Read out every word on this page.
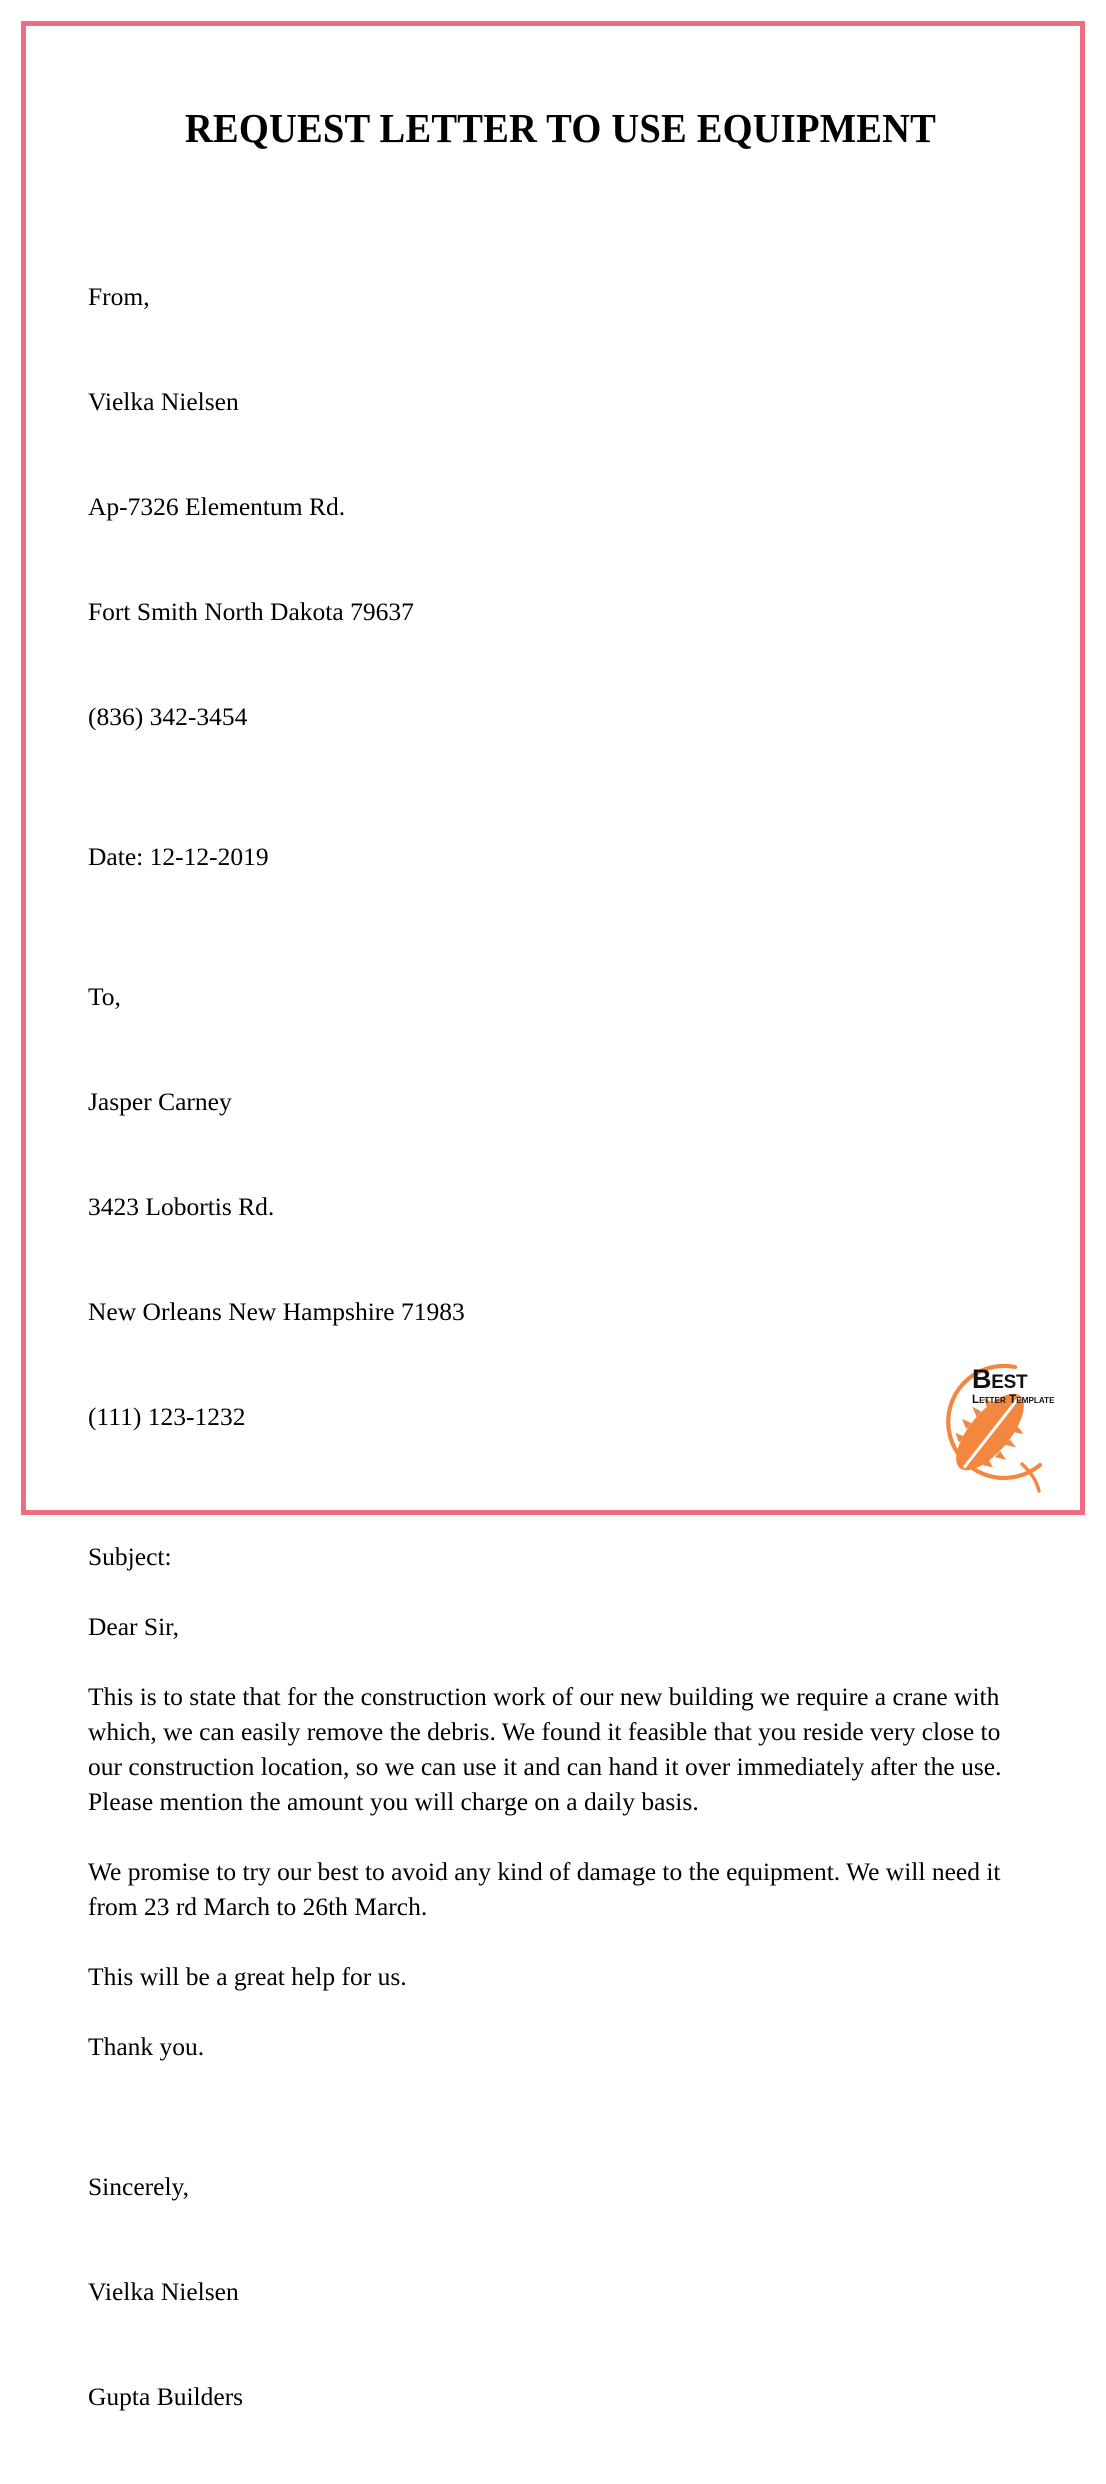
REQUEST LETTER TO USE EQUIPMENT

From,

Vielka Nielsen

Ap-7326 Elementum Rd.

Fort Smith North Dakota 79637

(836) 342-3454

Date: 12-12-2019

To,

Jasper Carney

3423 Lobortis Rd.

New Orleans New Hampshire 71983

(111) 123-1232

Subject:
Dear Sir,

This is to state that for the construction work of our new building we require a crane with which, we can easily remove the debris. We found it feasible that you reside very close to our construction location, so we can use it and can hand it over immediately after the use. Please mention the amount you will charge on a daily basis.

We promise to try our best to avoid any kind of damage to the equipment. We will need it from 23 rd March to 26th March.

This will be a great help for us.

Thank you.

Sincerely,

Vielka Nielsen

Gupta Builders

Best
Letter Template
